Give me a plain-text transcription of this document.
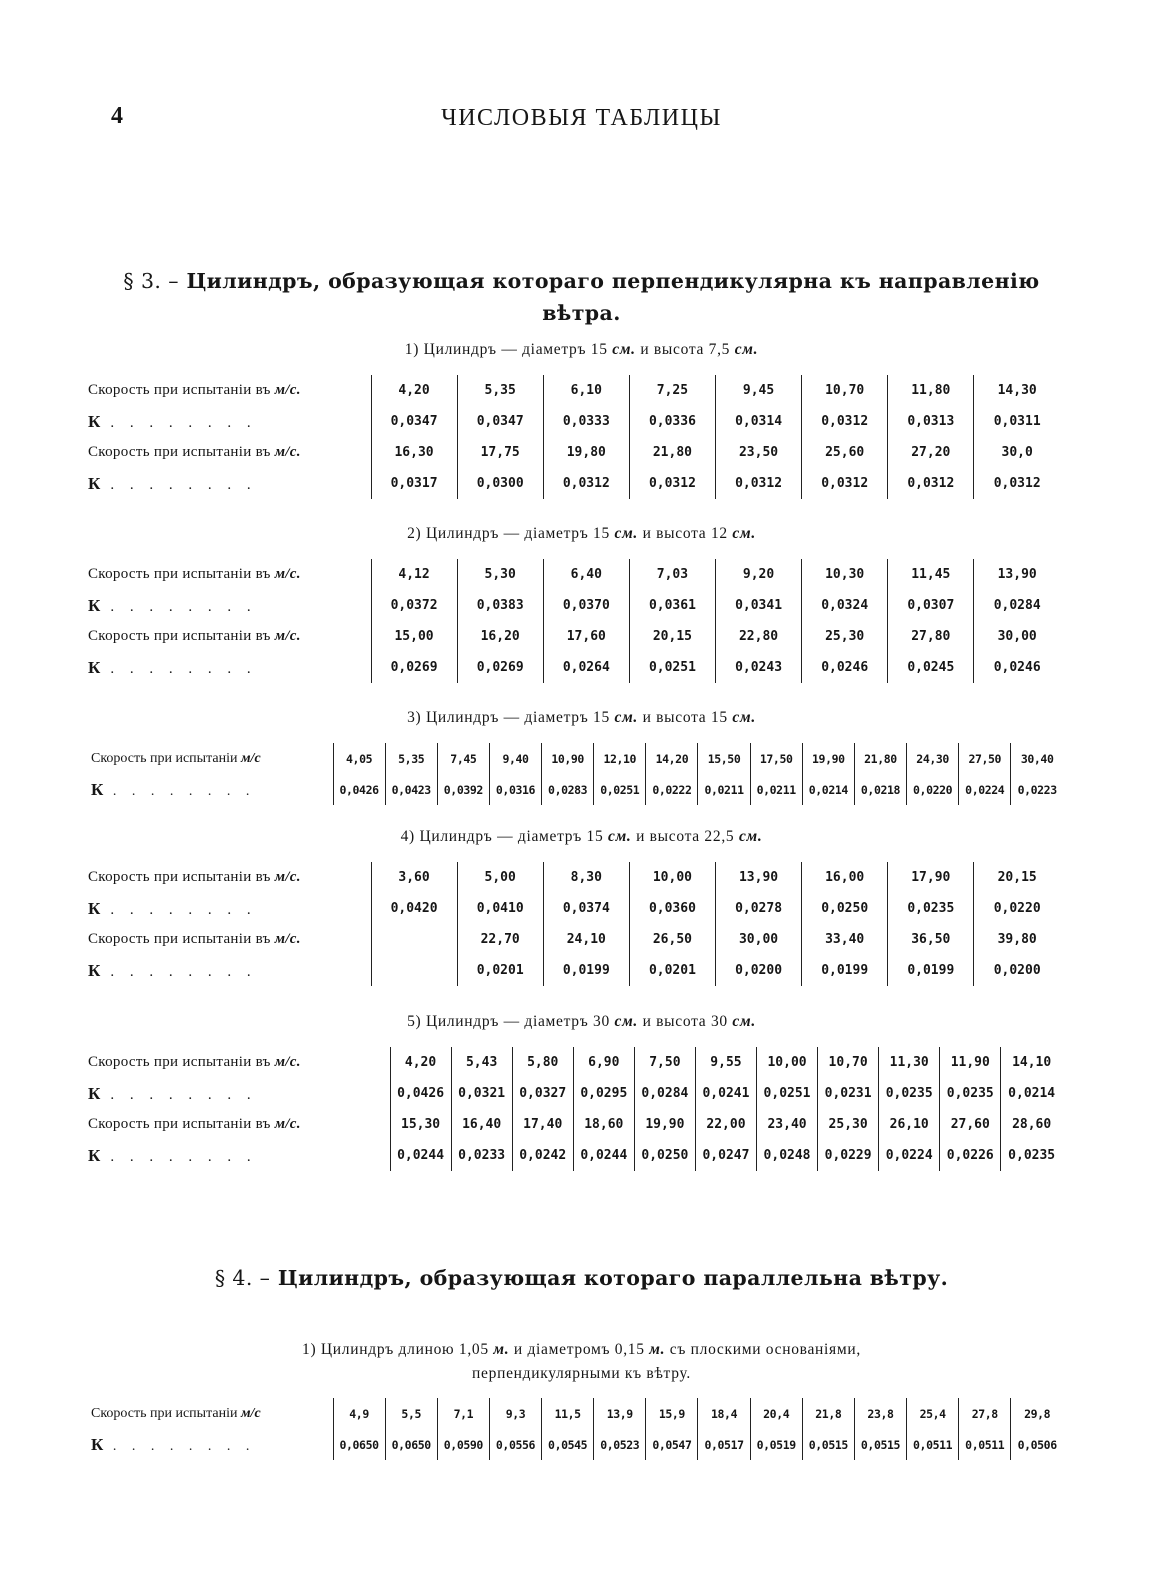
4	ЧИСЛОВЫЯ ТАБЛИЦЫ
§ 3. – Цилиндръ, образующая котораго перпендикулярна къ направленію вѣтра.
1) Цилиндръ — діаметръ 15 см. и высота 7,5 см.
Скорость при испытаніи въ м/с.	4,20	5,35	6,10	7,25	9,45	10,70	11,80	14,30
К . . . . . . . .	0,0347	0,0347	0,0333	0,0336	0,0314	0,0312	0,0313	0,0311
Скорость при испытаніи въ м/с.	16,30	17,75	19,80	21,80	23,50	25,60	27,20	30,0
К . . . . . . . .	0,0317	0,0300	0,0312	0,0312	0,0312	0,0312	0,0312	0,0312
2) Цилиндръ — діаметръ 15 см. и высота 12 см.
Скорость при испытаніи въ м/с.	4,12	5,30	6,40	7,03	9,20	10,30	11,45	13,90
К . . . . . . . .	0,0372	0,0383	0,0370	0,0361	0,0341	0,0324	0,0307	0,0284
Скорость при испытаніи въ м/с.	15,00	16,20	17,60	20,15	22,80	25,30	27,80	30,00
К . . . . . . . .	0,0269	0,0269	0,0264	0,0251	0,0243	0,0246	0,0245	0,0246
3) Цилиндръ — діаметръ 15 см. и высота 15 см.
Скорость при испытаніи м/с	4,05	5,35	7,45	9,40	10,90	12,10	14,20	15,50	17,50	19,90	21,80	24,30	27,50	30,40
К . . . . . . . .	0,0426	0,0423	0,0392	0,0316	0,0283	0,0251	0,0222	0,0211	0,0211	0,0214	0,0218	0,0220	0,0224	0,0223
4) Цилиндръ — діаметръ 15 см. и высота 22,5 см.
Скорость при испытаніи въ м/с.	3,60	5,00	8,30	10,00	13,90	16,00	17,90	20,15
К . . . . . . . .	0,0420	0,0410	0,0374	0,0360	0,0278	0,0250	0,0235	0,0220
Скорость при испытаніи въ м/с.		22,70	24,10	26,50	30,00	33,40	36,50	39,80
К . . . . . . . .		0,0201	0,0199	0,0201	0,0200	0,0199	0,0199	0,0200
5) Цилиндръ — діаметръ 30 см. и высота 30 см.
Скорость при испытаніи въ м/с.	4,20	5,43	5,80	6,90	7,50	9,55	10,00	10,70	11,30	11,90	14,10
К . . . . . . . .	0,0426	0,0321	0,0327	0,0295	0,0284	0,0241	0,0251	0,0231	0,0235	0,0235	0,0214
Скорость при испытаніи въ м/с.	15,30	16,40	17,40	18,60	19,90	22,00	23,40	25,30	26,10	27,60	28,60
К . . . . . . . .	0,0244	0,0233	0,0242	0,0244	0,0250	0,0247	0,0248	0,0229	0,0224	0,0226	0,0235
§ 4. – Цилиндръ, образующая котораго параллельна вѣтру.
1) Цилиндръ длиною 1,05 м. и діаметромъ 0,15 м. съ плоскими основаніями,
перпендикулярными къ вѣтру.
Скорость при испытаніи м/с	4,9	5,5	7,1	9,3	11,5	13,9	15,9	18,4	20,4	21,8	23,8	25,4	27,8	29,8
К . . . . . . . .	0,0650	0,0650	0,0590	0,0556	0,0545	0,0523	0,0547	0,0517	0,0519	0,0515	0,0515	0,0511	0,0511	0,0506
